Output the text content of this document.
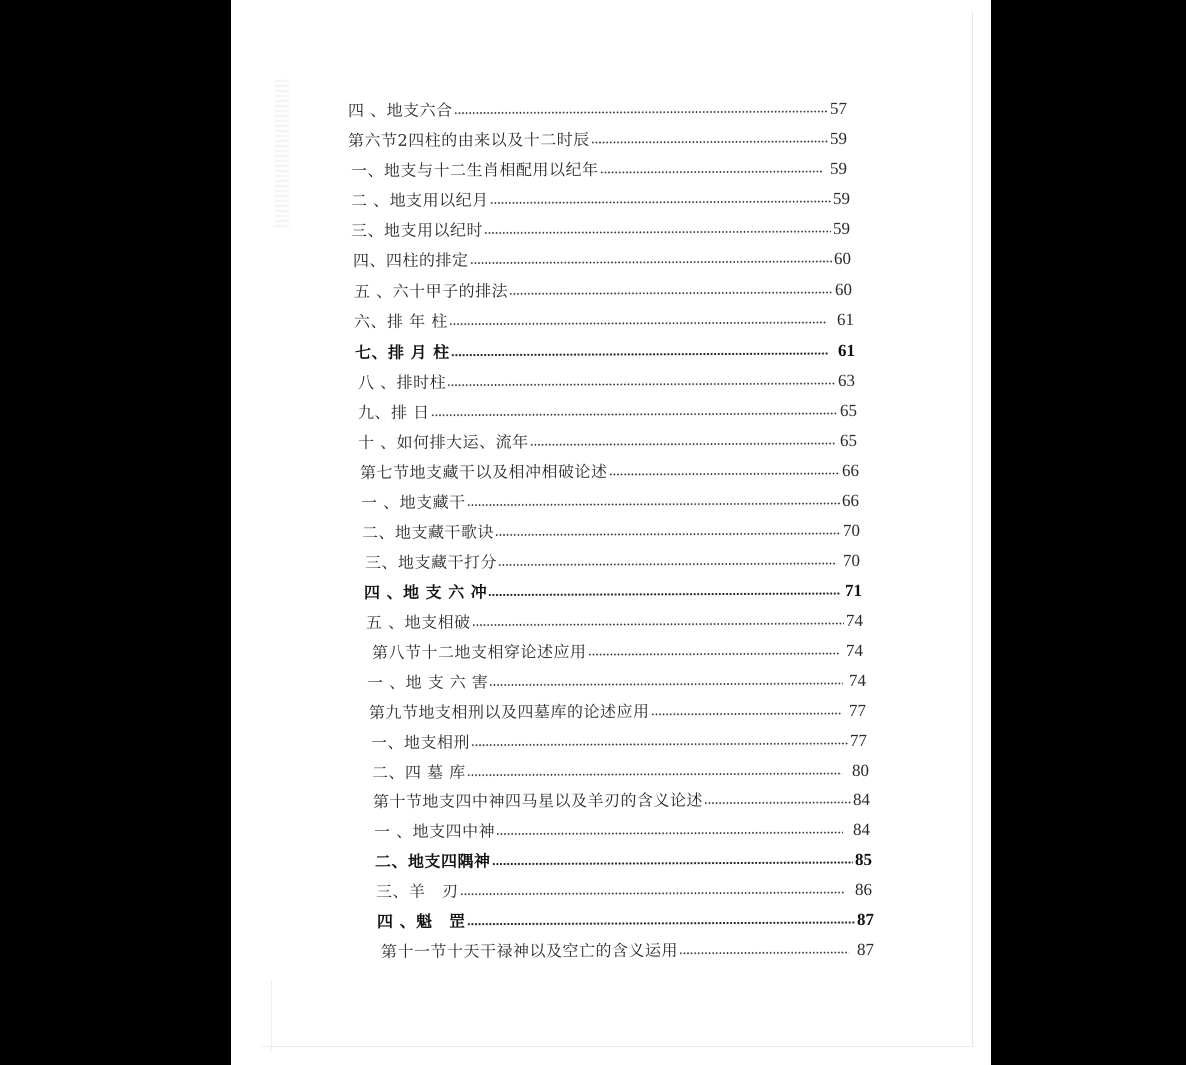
四 、地支六合	57
第六节2四柱的由来以及十二时辰	59
一、地支与十二生肖相配用以纪年	59
二 、地支用以纪月	59
三、地支用以纪时	59
四、四柱的排定	60
五 、六十甲子的排法	60
六、排 年 柱	61
七、排 月 柱	61
八 、排时柱	63
九、排 日	65
十 、如何排大运、流年	65
第七节地支藏干以及相冲相破论述	66
一 、地支藏干	66
二、地支藏干歌诀	70
三、地支藏干打分	70
四 、地 支 六 冲	71
五 、地支相破	74
第八节十二地支相穿论述应用	74
一 、地 支 六 害	74
第九节地支相刑以及四墓库的论述应用	77
一、地支相刑	77
二、四 墓 库	80
第十节地支四中神四马星以及羊刃的含义论述	84
一 、地支四中神	84
二、地支四隅神	85
三、羊　刃	86
四 、魁　罡	87
第十一节十天干禄神以及空亡的含义运用	87
